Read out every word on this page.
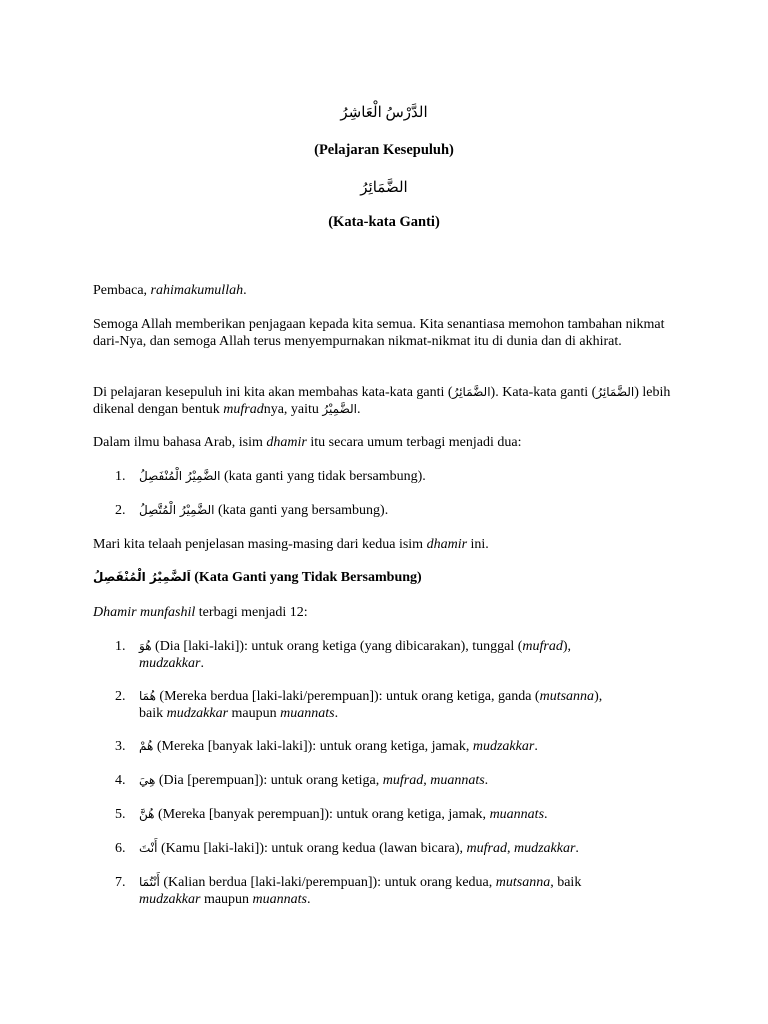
الدَّرْسُ الْعَاشِرُ
(Pelajaran Kesepuluh)
الضَّمَائِرُ
(Kata-kata Ganti)
Pembaca, rahimakumullah.
Semoga Allah memberikan penjagaan kepada kita semua. Kita senantiasa memohon tambahan nikmat dari-Nya, dan semoga Allah terus menyempurnakan nikmat-nikmat itu di dunia dan di akhirat.
Di pelajaran kesepuluh ini kita akan membahas kata-kata ganti (الضَّمَائِرُ). Kata-kata ganti (الضَّمَائِرُ) lebih dikenal dengan bentuk mufradnya, yaitu الضَّمِيْرُ.
Dalam ilmu bahasa Arab, isim dhamir itu secara umum terbagi menjadi dua:
1. الضَّمِيْرُ الْمُنْفَصِلُ (kata ganti yang tidak bersambung).
2. الضَّمِيْرُ الْمُتَّصِلُ (kata ganti yang bersambung).
Mari kita telaah penjelasan masing-masing dari kedua isim dhamir ini.
اَلضَّمِيْرُ الْمُنْفَصِلُ (Kata Ganti yang Tidak Bersambung)
Dhamir munfashil terbagi menjadi 12:
1. هُوَ (Dia [laki-laki]): untuk orang ketiga (yang dibicarakan), tunggal (mufrad),
mudzakkar.
2. هُمَا (Mereka berdua [laki-laki/perempuan]): untuk orang ketiga, ganda (mutsanna),
baik mudzakkar maupun muannats.
3. هُمْ (Mereka [banyak laki-laki]): untuk orang ketiga, jamak, mudzakkar.
4. هِيَ (Dia [perempuan]): untuk orang ketiga, mufrad, muannats.
5. هُنَّ (Mereka [banyak perempuan]): untuk orang ketiga, jamak, muannats.
6. أَنْتَ (Kamu [laki-laki]): untuk orang kedua (lawan bicara), mufrad, mudzakkar.
7. أَنْتُمَا (Kalian berdua [laki-laki/perempuan]): untuk orang kedua, mutsanna, baik
mudzakkar maupun muannats.
